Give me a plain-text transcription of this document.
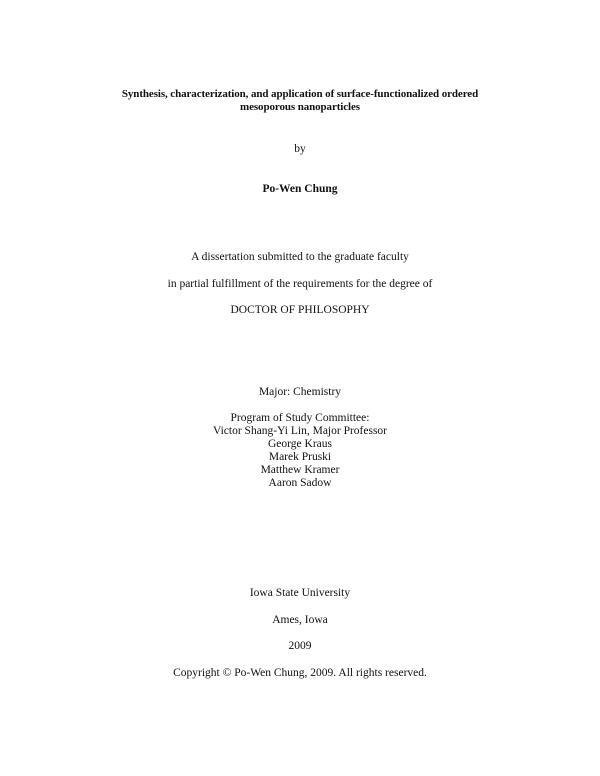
Synthesis, characterization, and application of surface-functionalized ordered
mesoporous nanoparticles
by
Po-Wen Chung
A dissertation submitted to the graduate faculty
in partial fulfillment of the requirements for the degree of
DOCTOR OF PHILOSOPHY
Major: Chemistry
Program of Study Committee:
Victor Shang-Yi Lin, Major Professor
George Kraus
Marek Pruski
Matthew Kramer
Aaron Sadow
Iowa State University
Ames, Iowa
2009
Copyright © Po-Wen Chung, 2009. All rights reserved.
